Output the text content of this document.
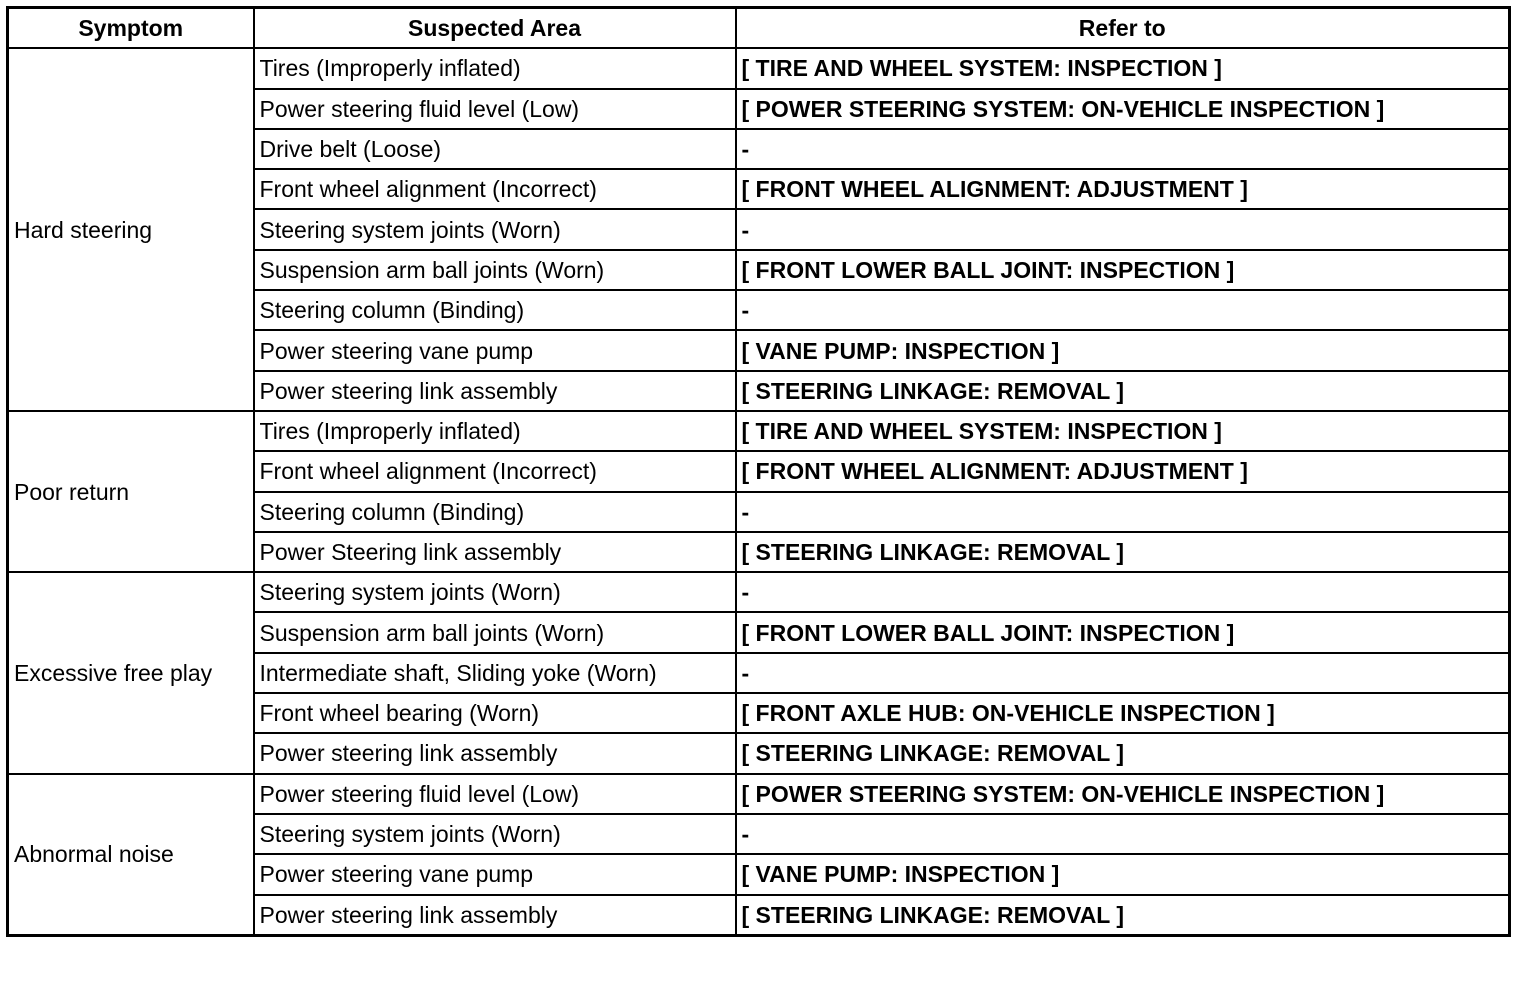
Symptom	Suspected Area	Refer to
Hard steering	Tires (Improperly inflated)	[ TIRE AND WHEEL SYSTEM: INSPECTION ]
	Power steering fluid level (Low)	[ POWER STEERING SYSTEM: ON-VEHICLE INSPECTION ]
	Drive belt (Loose)	-
	Front wheel alignment (Incorrect)	[ FRONT WHEEL ALIGNMENT: ADJUSTMENT ]
	Steering system joints (Worn)	-
	Suspension arm ball joints (Worn)	[ FRONT LOWER BALL JOINT: INSPECTION ]
	Steering column (Binding)	-
	Power steering vane pump	[ VANE PUMP: INSPECTION ]
	Power steering link assembly	[ STEERING LINKAGE: REMOVAL ]
Poor return	Tires (Improperly inflated)	[ TIRE AND WHEEL SYSTEM: INSPECTION ]
	Front wheel alignment (Incorrect)	[ FRONT WHEEL ALIGNMENT: ADJUSTMENT ]
	Steering column (Binding)	-
	Power Steering link assembly	[ STEERING LINKAGE: REMOVAL ]
Excessive free play	Steering system joints (Worn)	-
	Suspension arm ball joints (Worn)	[ FRONT LOWER BALL JOINT: INSPECTION ]
	Intermediate shaft, Sliding yoke (Worn)	-
	Front wheel bearing (Worn)	[ FRONT AXLE HUB: ON-VEHICLE INSPECTION ]
	Power steering link assembly	[ STEERING LINKAGE: REMOVAL ]
Abnormal noise	Power steering fluid level (Low)	[ POWER STEERING SYSTEM: ON-VEHICLE INSPECTION ]
	Steering system joints (Worn)	-
	Power steering vane pump	[ VANE PUMP: INSPECTION ]
	Power steering link assembly	[ STEERING LINKAGE: REMOVAL ]
